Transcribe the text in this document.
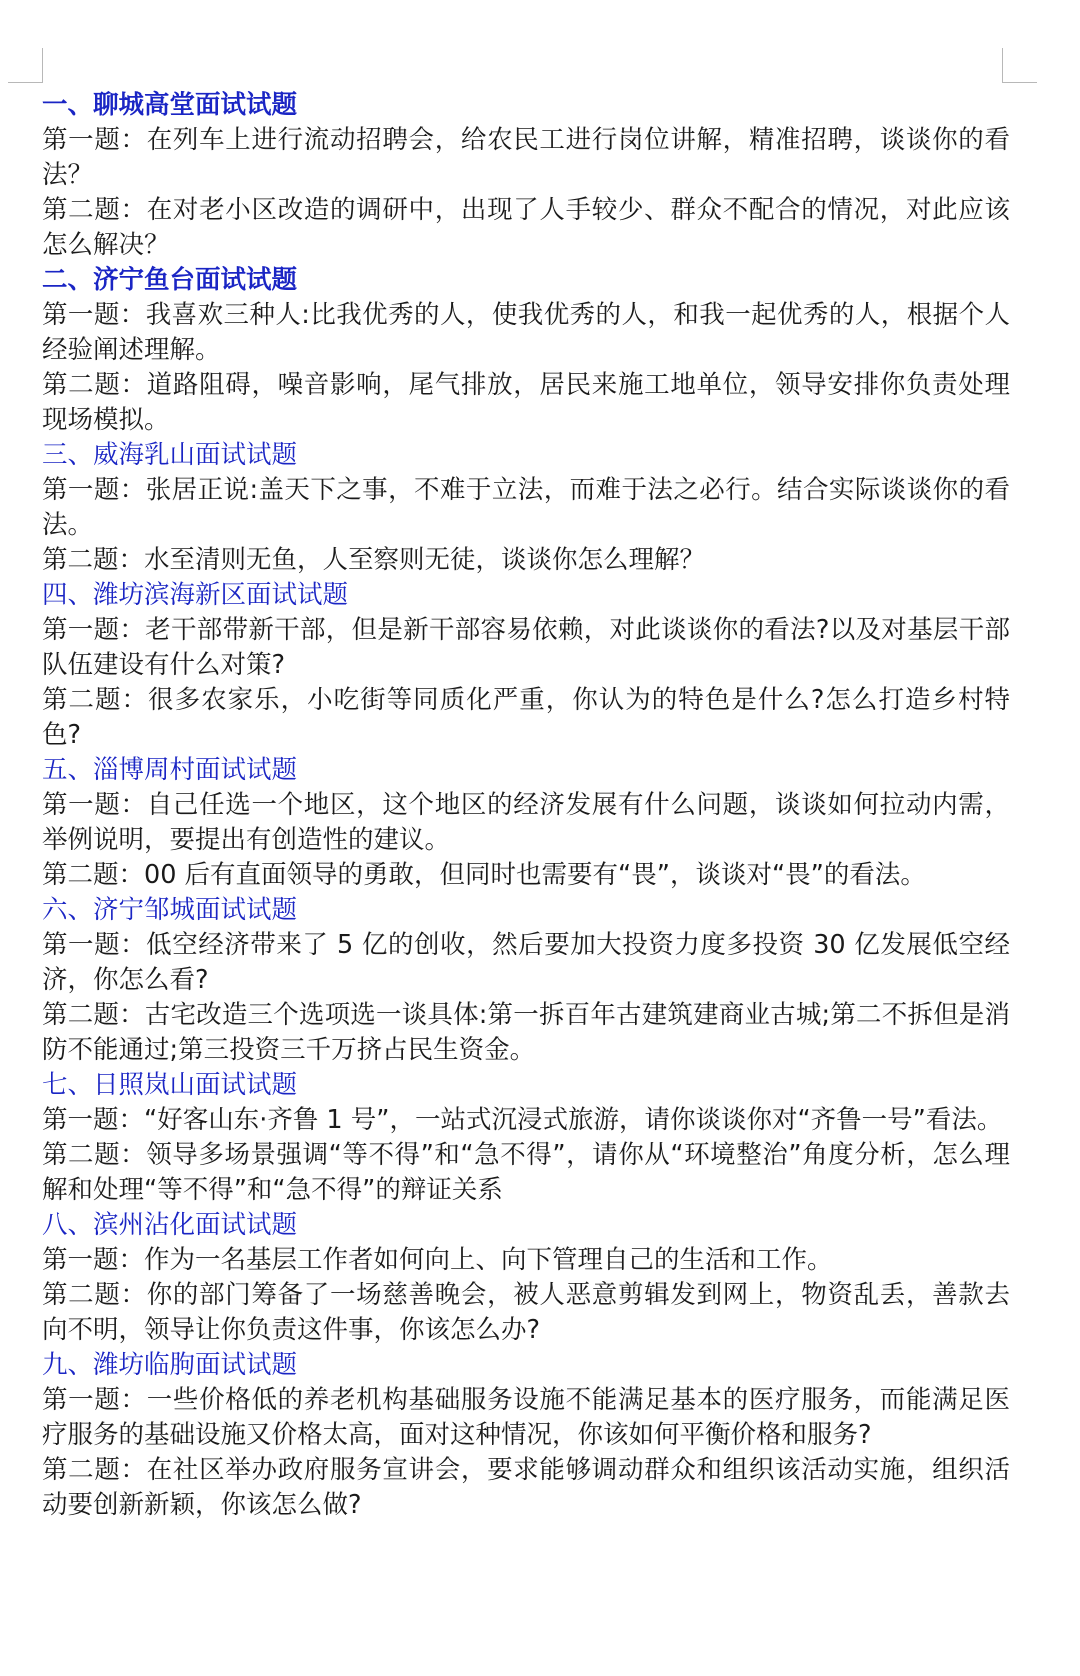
一、聊城高堂面试试题

第一题：在列车上进行流动招聘会，给农民工进行岗位讲解，精准招聘，谈谈你的看法？

第二题：在对老小区改造的调研中，出现了人手较少、群众不配合的情况，对此应该怎么解决？

二、济宁鱼台面试试题

第一题：我喜欢三种人:比我优秀的人，使我优秀的人，和我一起优秀的人，根据个人经验阐述理解。

第二题：道路阻碍，噪音影响，尾气排放，居民来施工地单位，领导安排你负责处理现场模拟。

三、威海乳山面试试题

第一题：张居正说:盖天下之事，不难于立法，而难于法之必行。结合实际谈谈你的看法。

第二题：水至清则无鱼，人至察则无徒，谈谈你怎么理解？

四、潍坊滨海新区面试试题

第一题：老干部带新干部，但是新干部容易依赖，对此谈谈你的看法?以及对基层干部队伍建设有什么对策?

第二题：很多农家乐，小吃街等同质化严重，你认为的特色是什么?怎么打造乡村特色?

五、淄博周村面试试题

第一题：自己任选一个地区，这个地区的经济发展有什么问题，谈谈如何拉动内需，举例说明，要提出有创造性的建议。

第二题：00 后有直面领导的勇敢，但同时也需要有“畏”，谈谈对“畏”的看法。

六、济宁邹城面试试题

第一题：低空经济带来了 5 亿的创收，然后要加大投资力度多投资 30 亿发展低空经济，你怎么看?

第二题：古宅改造三个选项选一谈具体:第一拆百年古建筑建商业古城;第二不拆但是消防不能通过;第三投资三千万挤占民生资金。

七、日照岚山面试试题

第一题：“好客山东·齐鲁 1 号”，一站式沉浸式旅游，请你谈谈你对“齐鲁一号”看法。

第二题：领导多场景强调“等不得”和“急不得”，请你从“环境整治”角度分析，怎么理解和处理“等不得”和“急不得”的辩证关系

八、滨州沾化面试试题

第一题：作为一名基层工作者如何向上、向下管理自己的生活和工作。

第二题：你的部门筹备了一场慈善晚会，被人恶意剪辑发到网上，物资乱丢，善款去向不明，领导让你负责这件事，你该怎么办?

九、潍坊临朐面试试题

第一题：一些价格低的养老机构基础服务设施不能满足基本的医疗服务，而能满足医疗服务的基础设施又价格太高，面对这种情况，你该如何平衡价格和服务?

第二题：在社区举办政府服务宣讲会，要求能够调动群众和组织该活动实施，组织活动要创新新颖，你该怎么做?
